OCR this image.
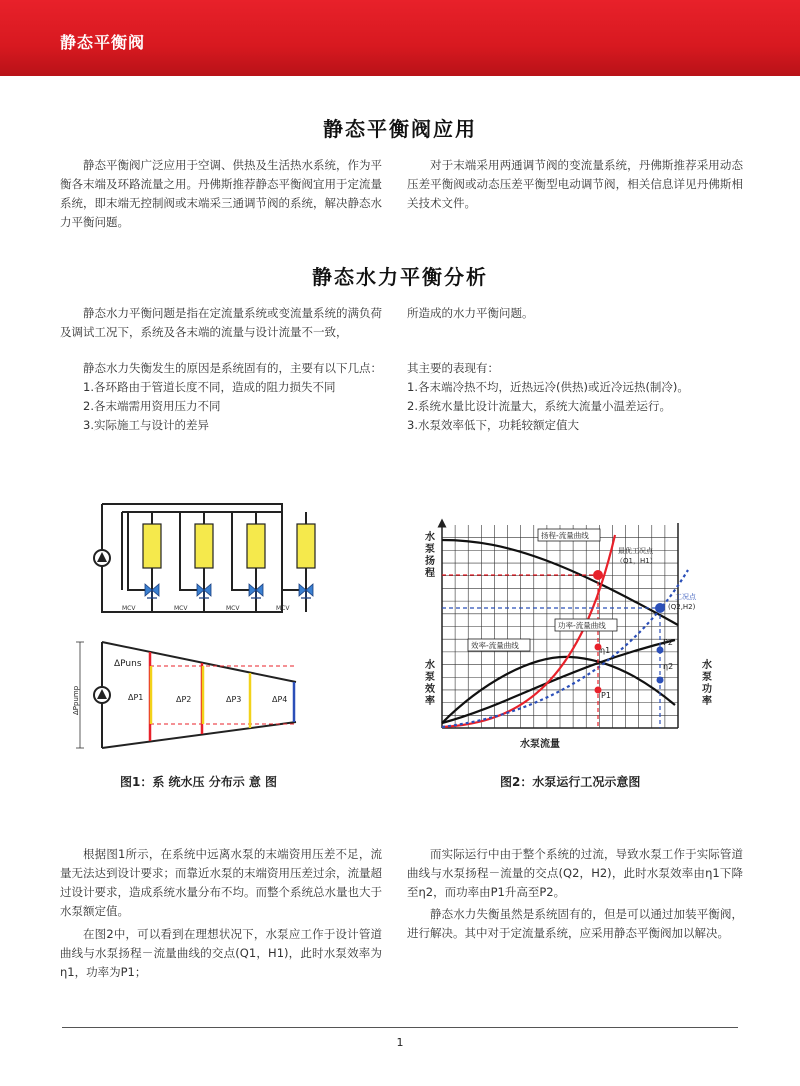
静态平衡阀
静态平衡阀应用
静态平衡阀广泛应用于空调、供热及生活热水系统，作为平衡各末端及环路流量之用。丹佛斯推荐静态平衡阀宜用于定流量系统，即末端无控制阀或末端采三通调节阀的系统，解决静态水力平衡问题。
对于末端采用两通调节阀的变流量系统，丹佛斯推荐采用动态压差平衡阀或动态压差平衡型电动调节阀，相关信息详见丹佛斯相关技术文件。
静态水力平衡分析
静态水力平衡问题是指在定流量系统或变流量系统的满负荷及调试工况下，系统及各末端的流量与设计流量不一致，
所造成的水力平衡问题。
静态水力失衡发生的原因是系统固有的，主要有以下几点：
1.各环路由于管道长度不同，造成的阻力损失不同
2.各末端需用资用压力不同
3.实际施工与设计的差异
其主要的表现有：
1.各末端冷热不均，近热远冷(供热)或近冷远热(制冷)。
2.系统水量比设计流量大，系统大流量小温差运行。
3.水泵效率低下，功耗较额定值大
MCV	MCV	MCV	MCV
ΔPpump
ΔPuns
ΔP1	ΔP2	ΔP3	ΔP4
图1：系 统水压 分布示 意 图
扬程-流量曲线
功率-流量曲线
效率-流量曲线
最优工况点
（Q1，H1）
工况点
(Q2,H2)
η1
η2
P1
P2
水泵流量
水泵扬程
水泵效率
水泵功率
图2：水泵运行工况示意图
根据图1所示，在系统中远离水泵的末端资用压差不足，流量无法达到设计要求；而靠近水泵的末端资用压差过余，流量超过设计要求，造成系统水量分布不均。而整个系统总水量也大于水泵额定值。
在图2中，可以看到在理想状况下，水泵应工作于设计管道曲线与水泵扬程－流量曲线的交点(Q1，H1)，此时水泵效率为η1，功率为P1；
而实际运行中由于整个系统的过流，导致水泵工作于实际管道曲线与水泵扬程－流量的交点(Q2，H2)，此时水泵效率由η1下降至η2，而功率由P1升高至P2。
静态水力失衡虽然是系统固有的，但是可以通过加装平衡阀，进行解决。其中对于定流量系统，应采用静态平衡阀加以解决。
1
